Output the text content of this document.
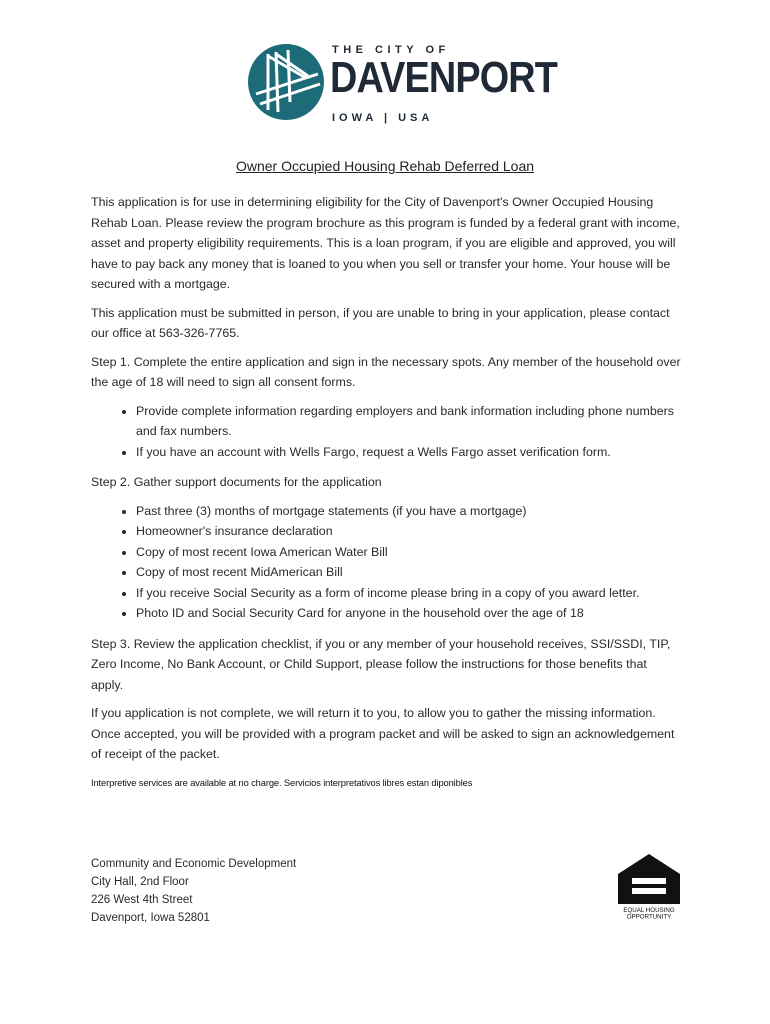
THE CITY OF
DAVENPORT
IOWA | USA
Owner Occupied Housing Rehab Deferred Loan

This application is for use in determining eligibility for the City of Davenport's Owner Occupied Housing Rehab Loan. Please review the program brochure as this program is funded by a federal grant with income, asset and property eligibility requirements. This is a loan program, if you are eligible and approved, you will have to pay back any money that is loaned to you when you sell or transfer your home. Your house will be secured with a mortgage.

This application must be submitted in person, if you are unable to bring in your application, please contact our office at 563-326-7765.

Step 1. Complete the entire application and sign in the necessary spots. Any member of the household over the age of 18 will need to sign all consent forms.

• Provide complete information regarding employers and bank information including phone numbers and fax numbers.
• If you have an account with Wells Fargo, request a Wells Fargo asset verification form.

Step 2. Gather support documents for the application

• Past three (3) months of mortgage statements (if you have a mortgage)
• Homeowner's insurance declaration
• Copy of most recent Iowa American Water Bill
• Copy of most recent MidAmerican Bill
• If you receive Social Security as a form of income please bring in a copy of you award letter.
• Photo ID and Social Security Card for anyone in the household over the age of 18

Step 3. Review the application checklist, if you or any member of your household receives, SSI/SSDI, TIP, Zero Income, No Bank Account, or Child Support, please follow the instructions for those benefits that apply.

If you application is not complete, we will return it to you, to allow you to gather the missing information. Once accepted, you will be provided with a program packet and will be asked to sign an acknowledgement of receipt of the packet.

Interpretive services are available at no charge. Servicios interpretativos libres estan diponibles

Community and Economic Development
City Hall, 2nd Floor
226 West 4th Street
Davenport, Iowa 52801
EQUAL HOUSING
OPPORTUNITY
